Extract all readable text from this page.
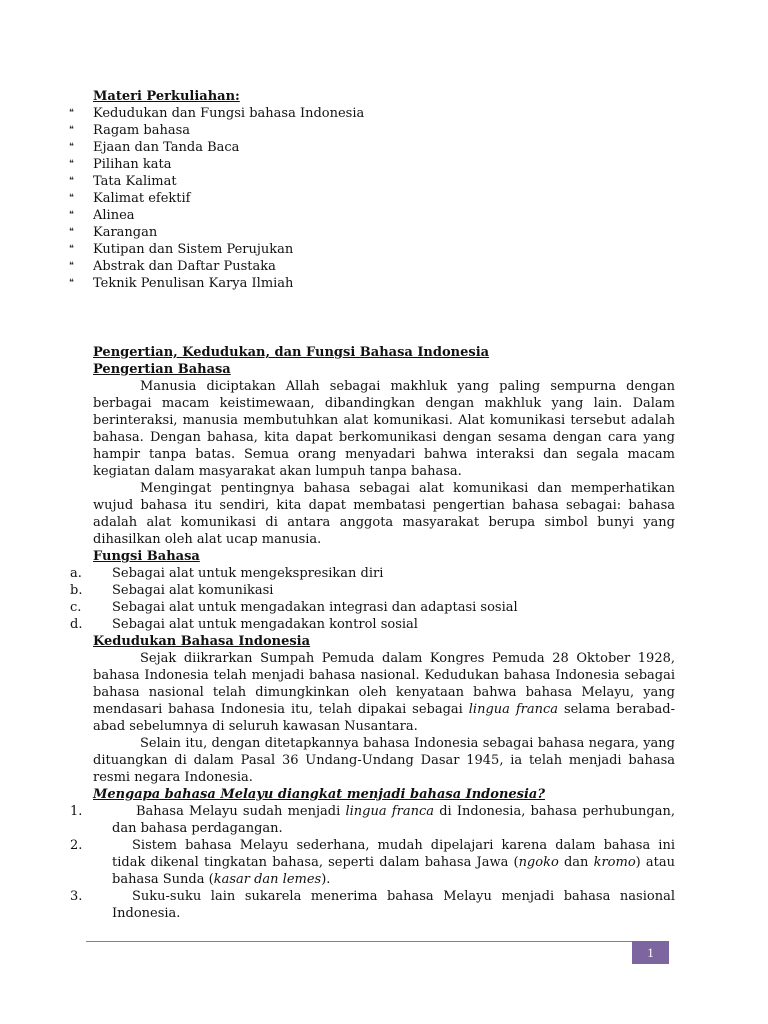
Materi Perkuliahan:
❝	Kedudukan dan Fungsi bahasa Indonesia
❝	Ragam bahasa
❝	Ejaan dan Tanda Baca
❝	Pilihan kata
❝	Tata Kalimat
❝	Kalimat efektif
❝	Alinea
❝	Karangan
❝	Kutipan dan Sistem Perujukan
❝	Abstrak dan Daftar Pustaka
❝	Teknik Penulisan Karya Ilmiah
Pengertian, Kedudukan, dan Fungsi Bahasa Indonesia
Pengertian Bahasa

Manusia diciptakan Allah sebagai makhluk yang paling sempurna dengan berbagai macam keistimewaan, dibandingkan dengan makhluk yang lain. Dalam berinteraksi, manusia membutuhkan alat komunikasi. Alat komunikasi tersebut adalah bahasa. Dengan bahasa, kita dapat berkomunikasi dengan sesama dengan cara yang hampir tanpa batas. Semua orang menyadari bahwa interaksi dan segala macam kegiatan dalam masyarakat akan lumpuh tanpa bahasa.

Mengingat pentingnya bahasa sebagai alat komunikasi dan memperhatikan wujud bahasa itu sendiri, kita dapat membatasi pengertian bahasa sebagai: bahasa adalah alat komunikasi di antara anggota masyarakat berupa simbol bunyi yang dihasilkan oleh alat ucap manusia.

Fungsi Bahasa
a.	Sebagai alat untuk mengekspresikan diri
b.	Sebagai alat komunikasi
c.	Sebagai alat untuk mengadakan integrasi dan adaptasi sosial
d.	Sebagai alat untuk mengadakan kontrol sosial
Kedudukan Bahasa Indonesia

Sejak diikrarkan Sumpah Pemuda dalam Kongres Pemuda 28 Oktober 1928, bahasa Indonesia telah menjadi bahasa nasional. Kedudukan bahasa Indonesia sebagai bahasa nasional telah dimungkinkan oleh kenyataan bahwa bahasa Melayu, yang mendasari bahasa Indonesia itu, telah dipakai sebagai lingua franca selama berabad-abad sebelumnya di seluruh kawasan Nusantara.

Selain itu, dengan ditetapkannya bahasa Indonesia sebagai bahasa negara, yang dituangkan di dalam Pasal 36 Undang-Undang Dasar 1945, ia telah menjadi bahasa resmi negara Indonesia.

Mengapa bahasa Melayu diangkat menjadi bahasa Indonesia?
1.	Bahasa Melayu sudah menjadi lingua franca di Indonesia, bahasa perhubungan, dan bahasa perdagangan.
2.	Sistem bahasa Melayu sederhana, mudah dipelajari karena dalam bahasa ini tidak dikenal tingkatan bahasa, seperti dalam bahasa Jawa (ngoko dan kromo) atau bahasa Sunda (kasar dan lemes).
3.	Suku-suku lain sukarela menerima bahasa Melayu menjadi bahasa nasional Indonesia.
1
